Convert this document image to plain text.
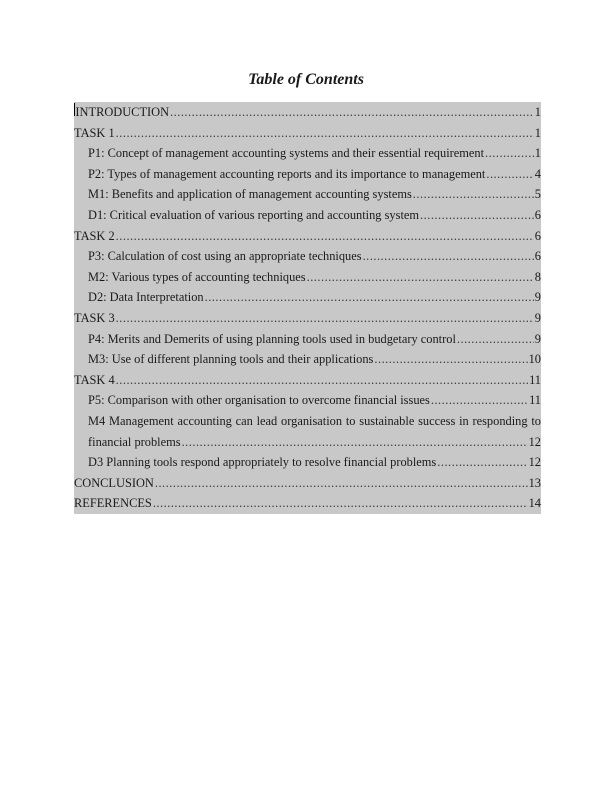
Table of Contents
INTRODUCTION .....	1
TASK 1 .....	1
P1: Concept of management accounting systems and their essential requirement .....	1
P2: Types of management accounting reports and its importance to management .....	4
M1: Benefits and application of management accounting systems .....	5
D1: Critical evaluation of various reporting and accounting system .....	6
TASK 2 .....	6
P3: Calculation of cost using an appropriate techniques .....	6
M2: Various types of accounting techniques .....	8
D2: Data Interpretation .....	9
TASK 3 .....	9
P4: Merits and Demerits of using planning tools used in budgetary control .....	9
M3: Use of different planning tools and their applications .....	10
TASK 4 .....	11
P5: Comparison with other organisation to overcome financial issues .....	11
M4 Management accounting can lead organisation to sustainable success in responding to
financial problems .....	12
D3 Planning tools respond appropriately to resolve financial problems .....	12
CONCLUSION .....	13
REFERENCES .....	14
